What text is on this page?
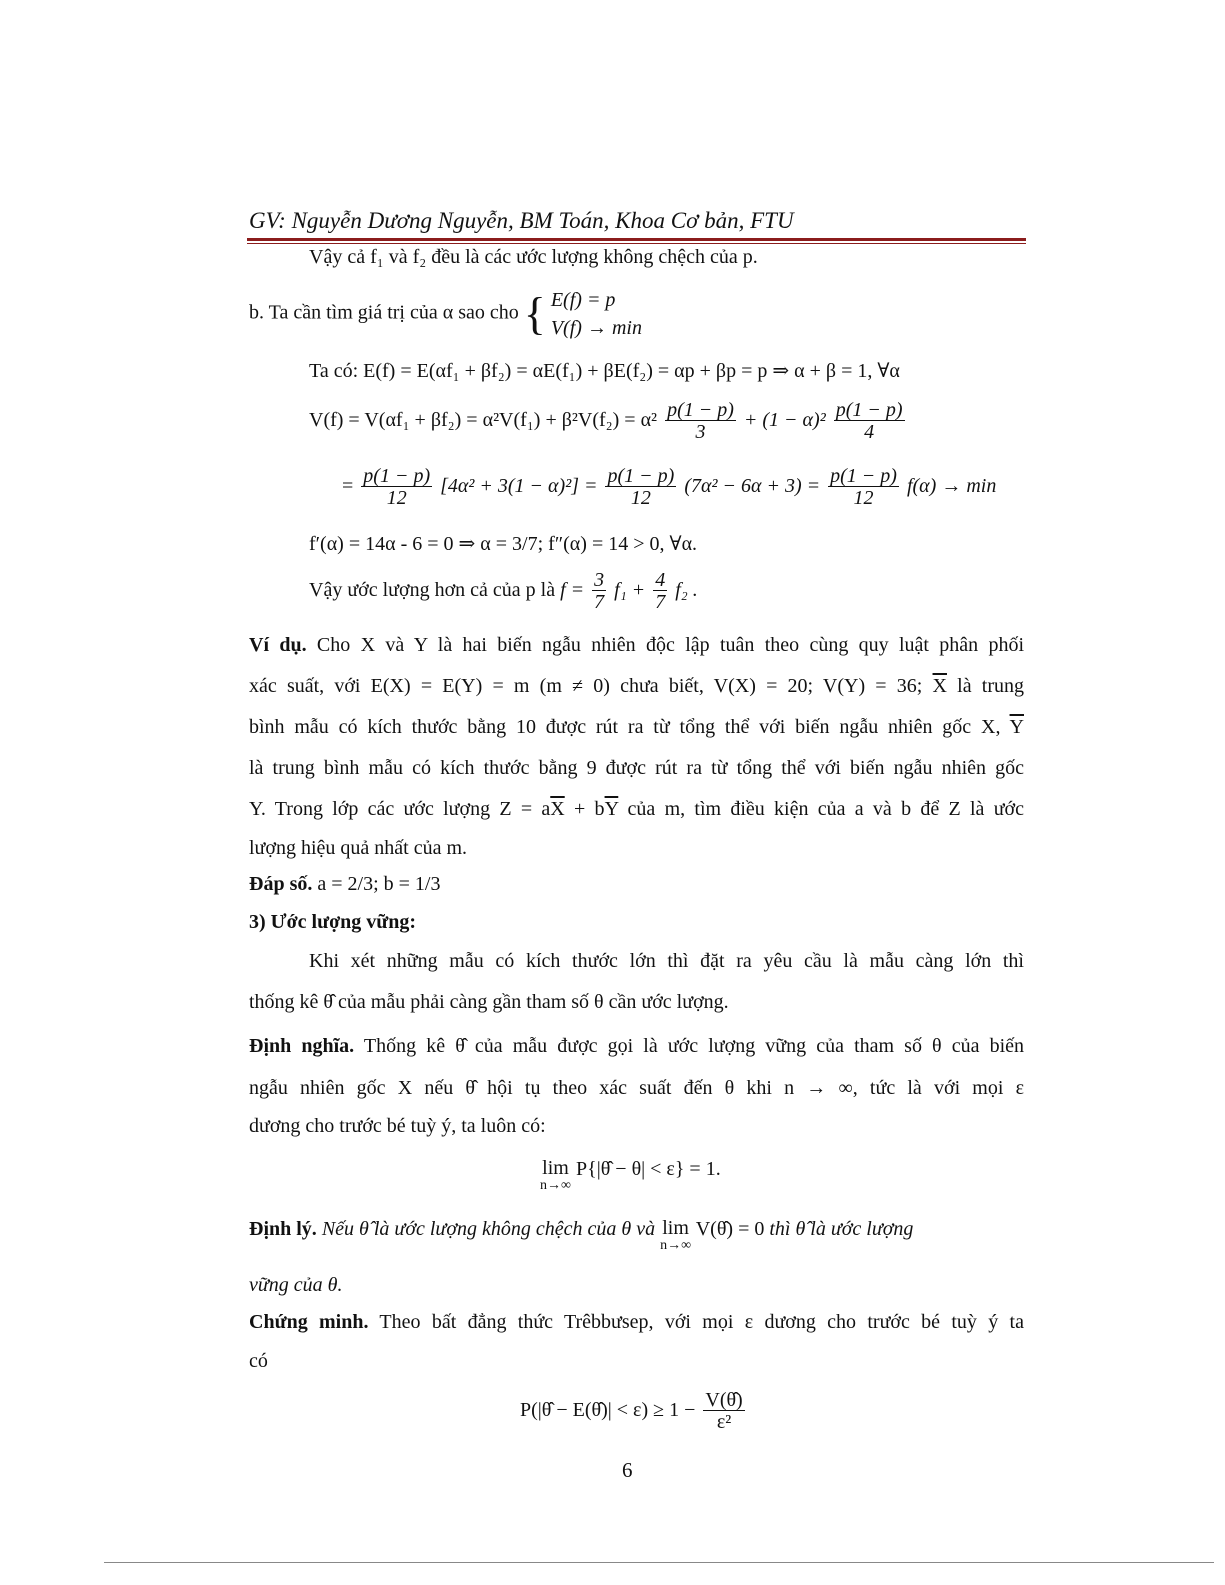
GV: Nguyễn Dương Nguyễn, BM Toán, Khoa Cơ bản, FTU
Vậy cả f₁ và f₂ đều là các ước lượng không chệch của p.
b. Ta cần tìm giá trị của α sao cho { E(f) = p
V(f) → min
Ta có: E(f) = E(αf₁ + βf₂) = αE(f₁) + βE(f₂) = αp + βp = p ⇒ α + β = 1, ∀α
$V(f) = V(\alpha f_1 + \beta f_2) = \alpha^2V(f_1) + \beta^2V(f_2) = \alpha^2 \frac{p(1 - p)}{3} + (1 - \alpha)^2 \frac{p(1 - p)}{4}$
= $\frac{p(1 - p)}{12} [4\alpha^2 + 3(1 - \alpha)^2] = \frac{p(1 - p)}{12} (7\alpha^2 - 6\alpha + 3) = \frac{p(1 - p)}{12} f(\alpha) \to \min$
f′(α) = 14α - 6 = 0 ⇒ α = 3/7; f″(α) = 14 > 0, ∀α.
Vậy ước lượng hơn cả của p là $f = \frac{3}{7} f_1 + \frac{4}{7} f_2$ .
Ví dụ. Cho X và Y là hai biến ngẫu nhiên độc lập tuân theo cùng quy luật phân phối
xác suất, với E(X) = E(Y) = m (m ≠ 0) chưa biết, V(X) = 20; V(Y) = 36; $\overline{X}$ là trung
bình mẫu có kích thước bằng 10 được rút ra từ tổng thể với biến ngẫu nhiên gốc X, $\overline{Y}$
là trung bình mẫu có kích thước bằng 9 được rút ra từ tổng thể với biến ngẫu nhiên gốc
Y. Trong lớp các ước lượng $Z = a\overline{X} + b\overline{Y}$ của m, tìm điều kiện của a và b để Z là ước
lượng hiệu quả nhất của m.
Đáp số. a = 2/3; b = 1/3
3) Ước lượng vững:
Khi xét những mẫu có kích thước lớn thì đặt ra yêu cầu là mẫu càng lớn thì
thống kê θ̂ của mẫu phải càng gần tham số θ cần ước lượng.
Định nghĩa. Thống kê θ̂ của mẫu được gọi là ước lượng vững của tham số θ của biến
ngẫu nhiên gốc X nếu θ̂ hội tụ theo xác suất đến θ khi n → ∞, tức là với mọi ε
dương cho trước bé tuỳ ý, ta luôn có:
lim
n→∞
P{|θ̂ − θ| < ε} = 1.
Định lý. Nếu θ̂ là ước lượng không chệch của θ và lim
n→∞
V(θ̂) = 0 thì θ̂ là ước lượng
vững của θ.
Chứng minh. Theo bất đẳng thức Trêbbưsep, với mọi ε dương cho trước bé tuỳ ý ta
có
P(|θ̂ − E(θ̂)| < $\varepsilon) \ge 1 - \frac{V(\thetâ)}{\text{ε²}}$
6
